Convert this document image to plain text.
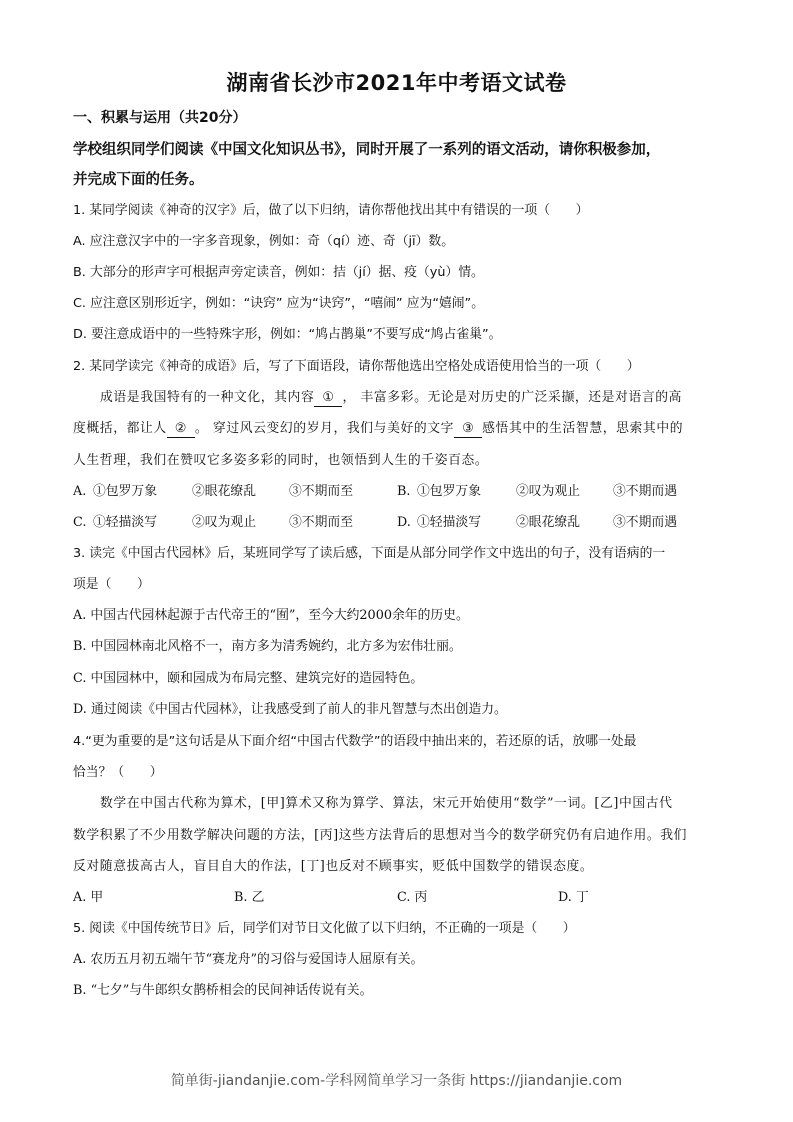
湖南省长沙市2021年中考语文试卷
一、积累与运用（共20分）
学校组织同学们阅读《中国文化知识丛书》，同时开展了一系列的语文活动，请你积极参加，
并完成下面的任务。
1. 某同学阅读《神奇的汉字》后，做了以下归纳，请你帮他找出其中有错误的一项（　　）
A. 应注意汉字中的一字多音现象，例如：奇（qí）迹、奇（jī）数。
B. 大部分的形声字可根据声旁定读音，例如：拮（jí）据、疫（yù）情。
C. 应注意区别形近字，例如：“诀窍” 应为“诀窍”，“嘻闹” 应为“嬉闹”。
D. 要注意成语中的一些特殊字形，例如：“鸠占鹊巢”不要写成“鸠占雀巢”。
2. 某同学读完《神奇的成语》后，写了下面语段，请你帮他选出空格处成语使用恰当的一项（　　）
成语是我国特有的一种文化，其内容 ① ， 丰富多彩。无论是对历史的广泛采撷，还是对语言的高
度概括，都让人 ② 。 穿过风云变幻的岁月，我们与美好的文字 ③ 感悟其中的生活智慧，思索其中的
人生哲理，我们在赞叹它多姿多彩的同时，也领悟到人生的千姿百态。
A. ①包罗万象	②眼花缭乱	③不期而至	B. ①包罗万象	②叹为观止	③不期而遇
C. ①轻描淡写	②叹为观止	③不期而至	D. ①轻描淡写	②眼花缭乱	③不期而遇
3. 读完《中国古代园林》后，某班同学写了读后感，下面是从部分同学作文中选出的句子，没有语病的一
项是（　　）
A. 中国古代园林起源于古代帝王的“囿”，至今大约2000余年的历史。
B. 中国园林南北风格不一，南方多为清秀婉约，北方多为宏伟壮丽。
C. 中国园林中，颐和园成为布局完整、建筑完好的造园特色。
D. 通过阅读《中国古代园林》，让我感受到了前人的非凡智慧与杰出创造力。
4.“更为重要的是”这句话是从下面介绍“中国古代数学”的语段中抽出来的，若还原的话，放哪一处最
恰当？（　　）
数学在中国古代称为算术，[甲]算术又称为算学、算法，宋元开始使用“数学”一词。[乙]中国古代
数学积累了不少用数学解决问题的方法，[丙]这些方法背后的思想对当今的数学研究仍有启迪作用。我们
反对随意拔高古人，盲目自大的作法，[丁]也反对不顾事实，贬低中国数学的错误态度。
A. 甲	B. 乙	C. 丙	D. 丁
5. 阅读《中国传统节日》后，同学们对节日文化做了以下归纳，不正确的一项是（　　）
A. 农历五月初五端午节“赛龙舟”的习俗与爱国诗人屈原有关。
B. “七夕”与牛郎织女鹊桥相会的民间神话传说有关。
简单街-jiandanjie.com-学科网简单学习一条街 https://jiandanjie.com
